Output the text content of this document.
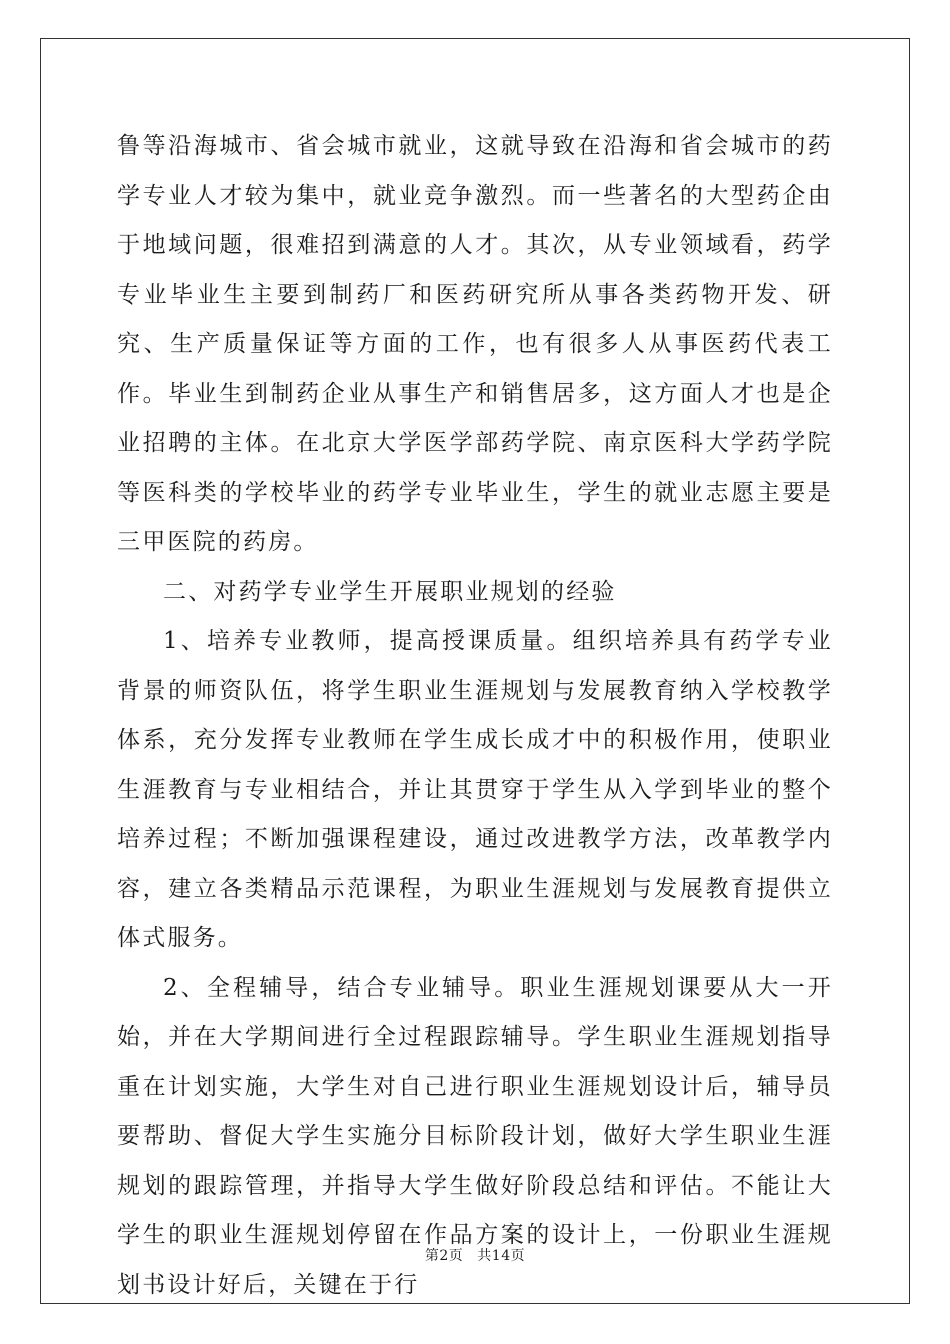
鲁等沿海城市、省会城市就业，这就导致在沿海和省会城市的药学专业人才较为集中，就业竞争激烈。而一些著名的大型药企由于地域问题，很难招到满意的人才。其次，从专业领域看，药学专业毕业生主要到制药厂和医药研究所从事各类药物开发、研究、生产质量保证等方面的工作，也有很多人从事医药代表工作。毕业生到制药企业从事生产和销售居多，这方面人才也是企业招聘的主体。在北京大学医学部药学院、南京医科大学药学院等医科类的学校毕业的药学专业毕业生，学生的就业志愿主要是三甲医院的药房。

二、对药学专业学生开展职业规划的经验

1、培养专业教师，提高授课质量。组织培养具有药学专业背景的师资队伍，将学生职业生涯规划与发展教育纳入学校教学体系，充分发挥专业教师在学生成长成才中的积极作用，使职业生涯教育与专业相结合，并让其贯穿于学生从入学到毕业的整个培养过程；不断加强课程建设，通过改进教学方法，改革教学内容，建立各类精品示范课程，为职业生涯规划与发展教育提供立体式服务。

2、全程辅导，结合专业辅导。职业生涯规划课要从大一开始，并在大学期间进行全过程跟踪辅导。学生职业生涯规划指导重在计划实施，大学生对自己进行职业生涯规划设计后，辅导员要帮助、督促大学生实施分目标阶段计划，做好大学生职业生涯规划的跟踪管理，并指导大学生做好阶段总结和评估。不能让大学生的职业生涯规划停留在作品方案的设计上，一份职业生涯规划书设计好后，关键在于行

第2页 共14页
